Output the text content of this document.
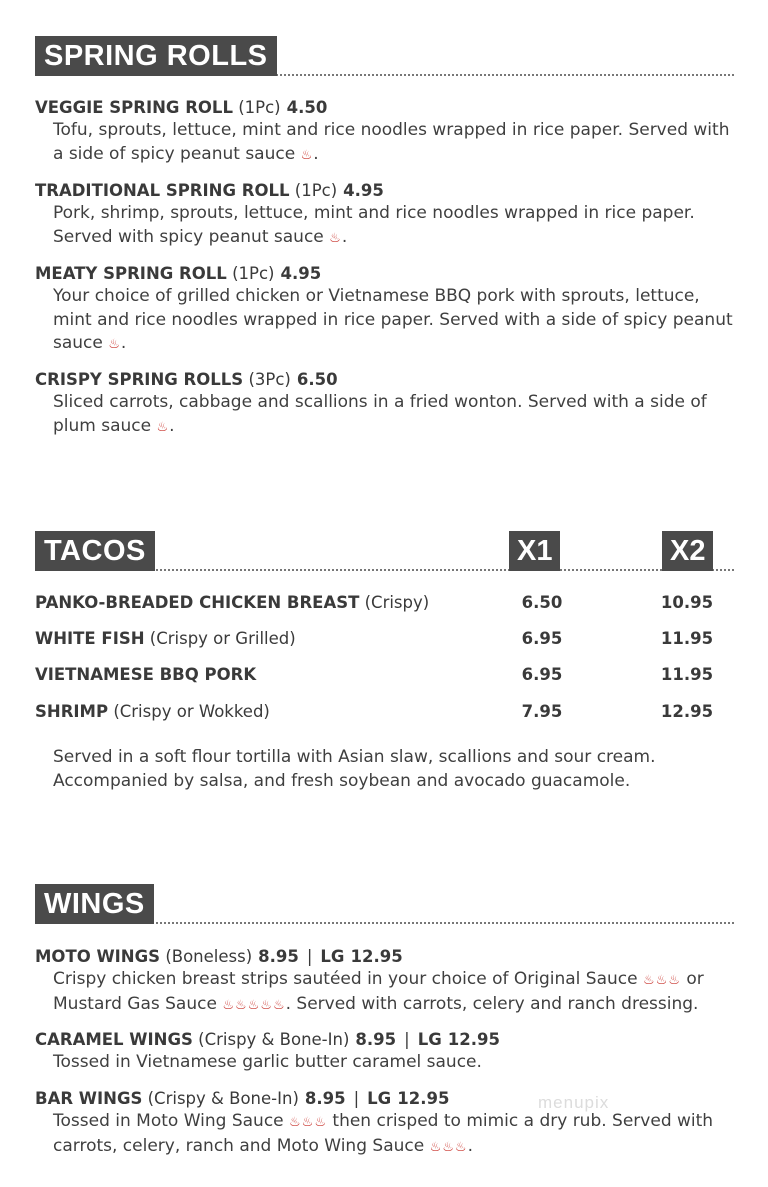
SPRING ROLLS
VEGGIE SPRING ROLL (1Pc) 4.50
Tofu, sprouts, lettuce, mint and rice noodles wrapped in rice paper. Served with a side of spicy peanut sauce ♨.
TRADITIONAL SPRING ROLL (1Pc) 4.95
Pork, shrimp, sprouts, lettuce, mint and rice noodles wrapped in rice paper. Served with spicy peanut sauce ♨.
MEATY SPRING ROLL (1Pc) 4.95
Your choice of grilled chicken or Vietnamese BBQ pork with sprouts, lettuce, mint and rice noodles wrapped in rice paper. Served with a side of spicy peanut sauce ♨.
CRISPY SPRING ROLLS (3Pc) 6.50
Sliced carrots, cabbage and scallions in a fried wonton. Served with a side of plum sauce ♨.
TACOS	X1	X2
PANKO-BREADED CHICKEN BREAST (Crispy)	6.50	10.95
WHITE FISH (Crispy or Grilled)	6.95	11.95
VIETNAMESE BBQ PORK	6.95	11.95
SHRIMP (Crispy or Wokked)	7.95	12.95
Served in a soft flour tortilla with Asian slaw, scallions and sour cream. Accompanied by salsa, and fresh soybean and avocado guacamole.
WINGS
MOTO WINGS (Boneless) 8.95 | LG 12.95
Crispy chicken breast strips sautéed in your choice of Original Sauce ♨♨♨ or Mustard Gas Sauce ♨♨♨♨♨. Served with carrots, celery and ranch dressing.
CARAMEL WINGS (Crispy & Bone-In) 8.95 | LG 12.95
Tossed in Vietnamese garlic butter caramel sauce.
BAR WINGS (Crispy & Bone-In) 8.95 | LG 12.95
Tossed in Moto Wing Sauce ♨♨♨ then crisped to mimic a dry rub. Served with carrots, celery, ranch and Moto Wing Sauce ♨♨♨.
menupix
